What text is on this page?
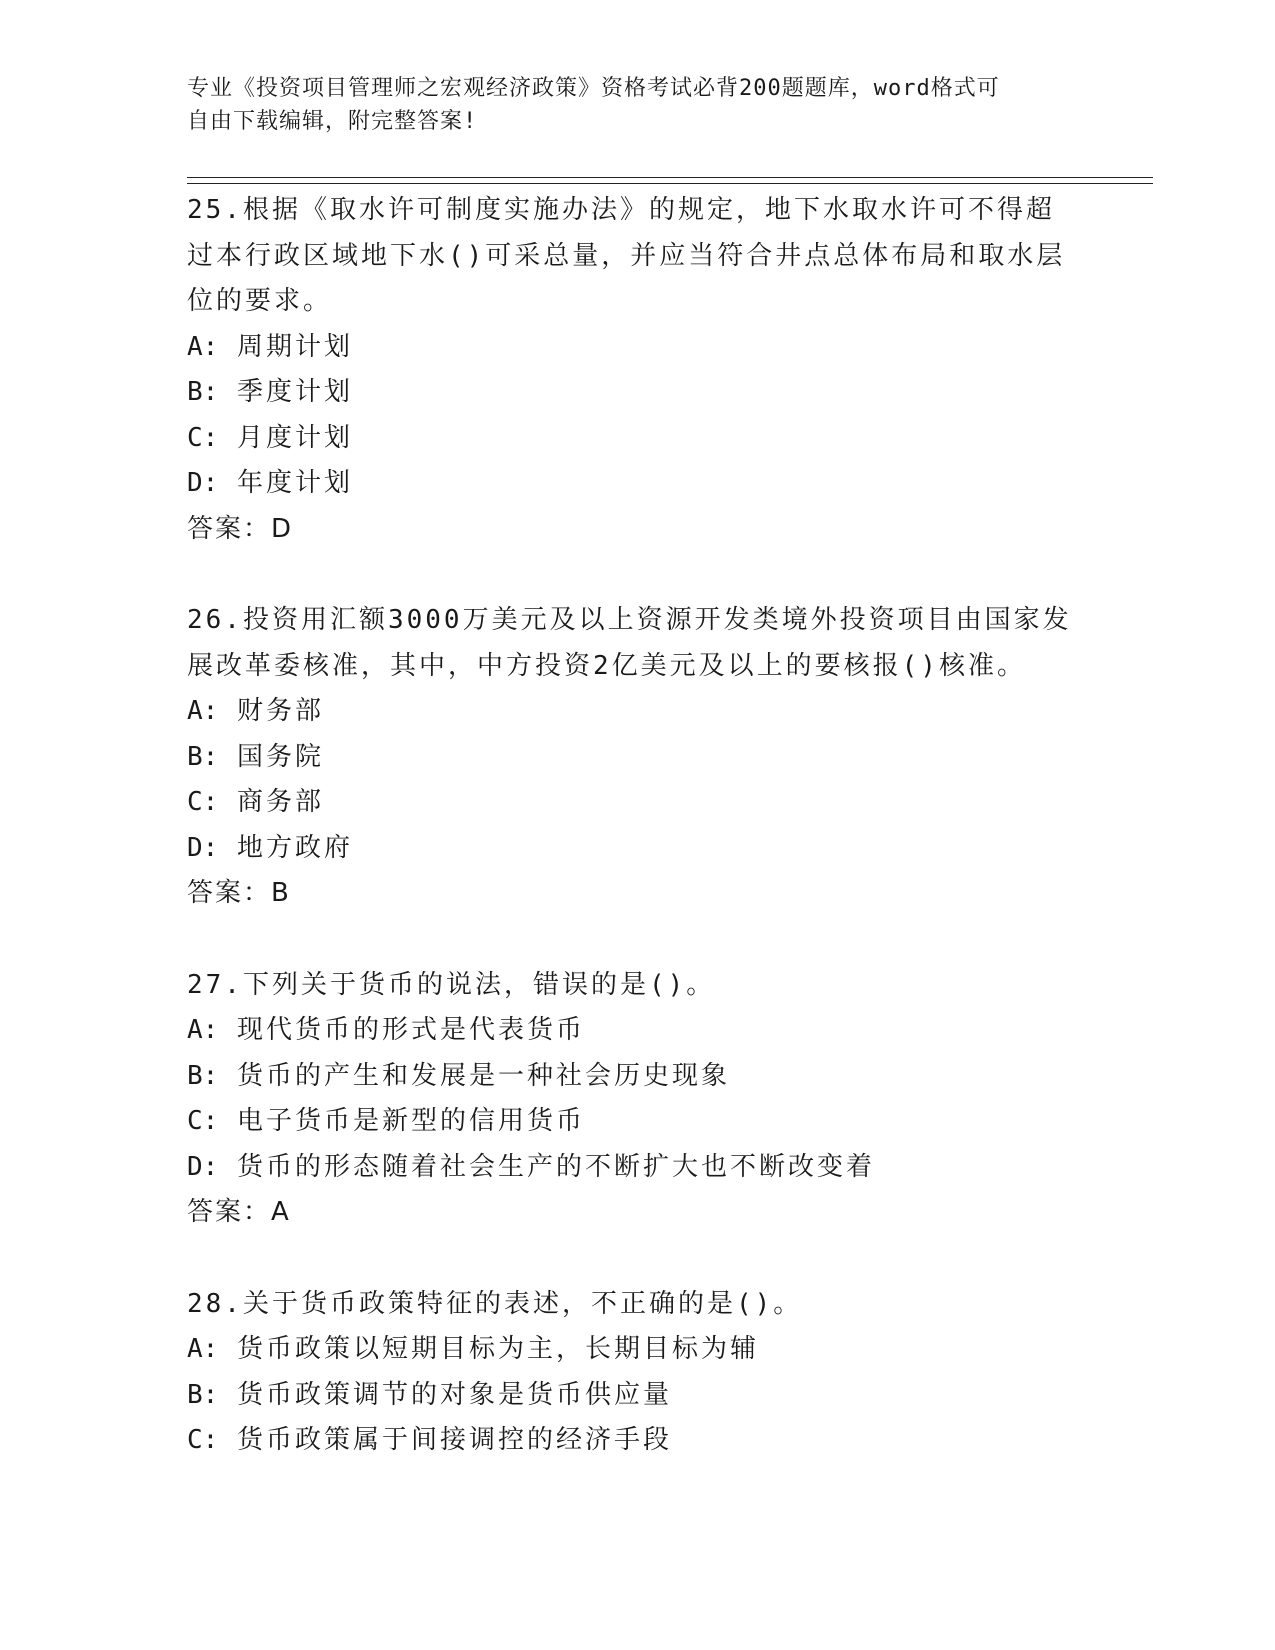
专业《投资项目管理师之宏观经济政策》资格考试必背200题题库，word格式可
自由下载编辑，附完整答案!
25.根据《取水许可制度实施办法》的规定，地下水取水许可不得超过本行政区域地下水()可采总量，并应当符合井点总体布局和取水层位的要求。
A: 周期计划
B: 季度计划
C: 月度计划
D: 年度计划
答案：D
26.投资用汇额3000万美元及以上资源开发类境外投资项目由国家发展改革委核准，其中，中方投资2亿美元及以上的要核报()核准。
A: 财务部
B: 国务院
C: 商务部
D: 地方政府
答案：B
27.下列关于货币的说法，错误的是()。
A: 现代货币的形式是代表货币
B: 货币的产生和发展是一种社会历史现象
C: 电子货币是新型的信用货币
D: 货币的形态随着社会生产的不断扩大也不断改变着
答案：A
28.关于货币政策特征的表述，不正确的是()。
A: 货币政策以短期目标为主，长期目标为辅
B: 货币政策调节的对象是货币供应量
C: 货币政策属于间接调控的经济手段
